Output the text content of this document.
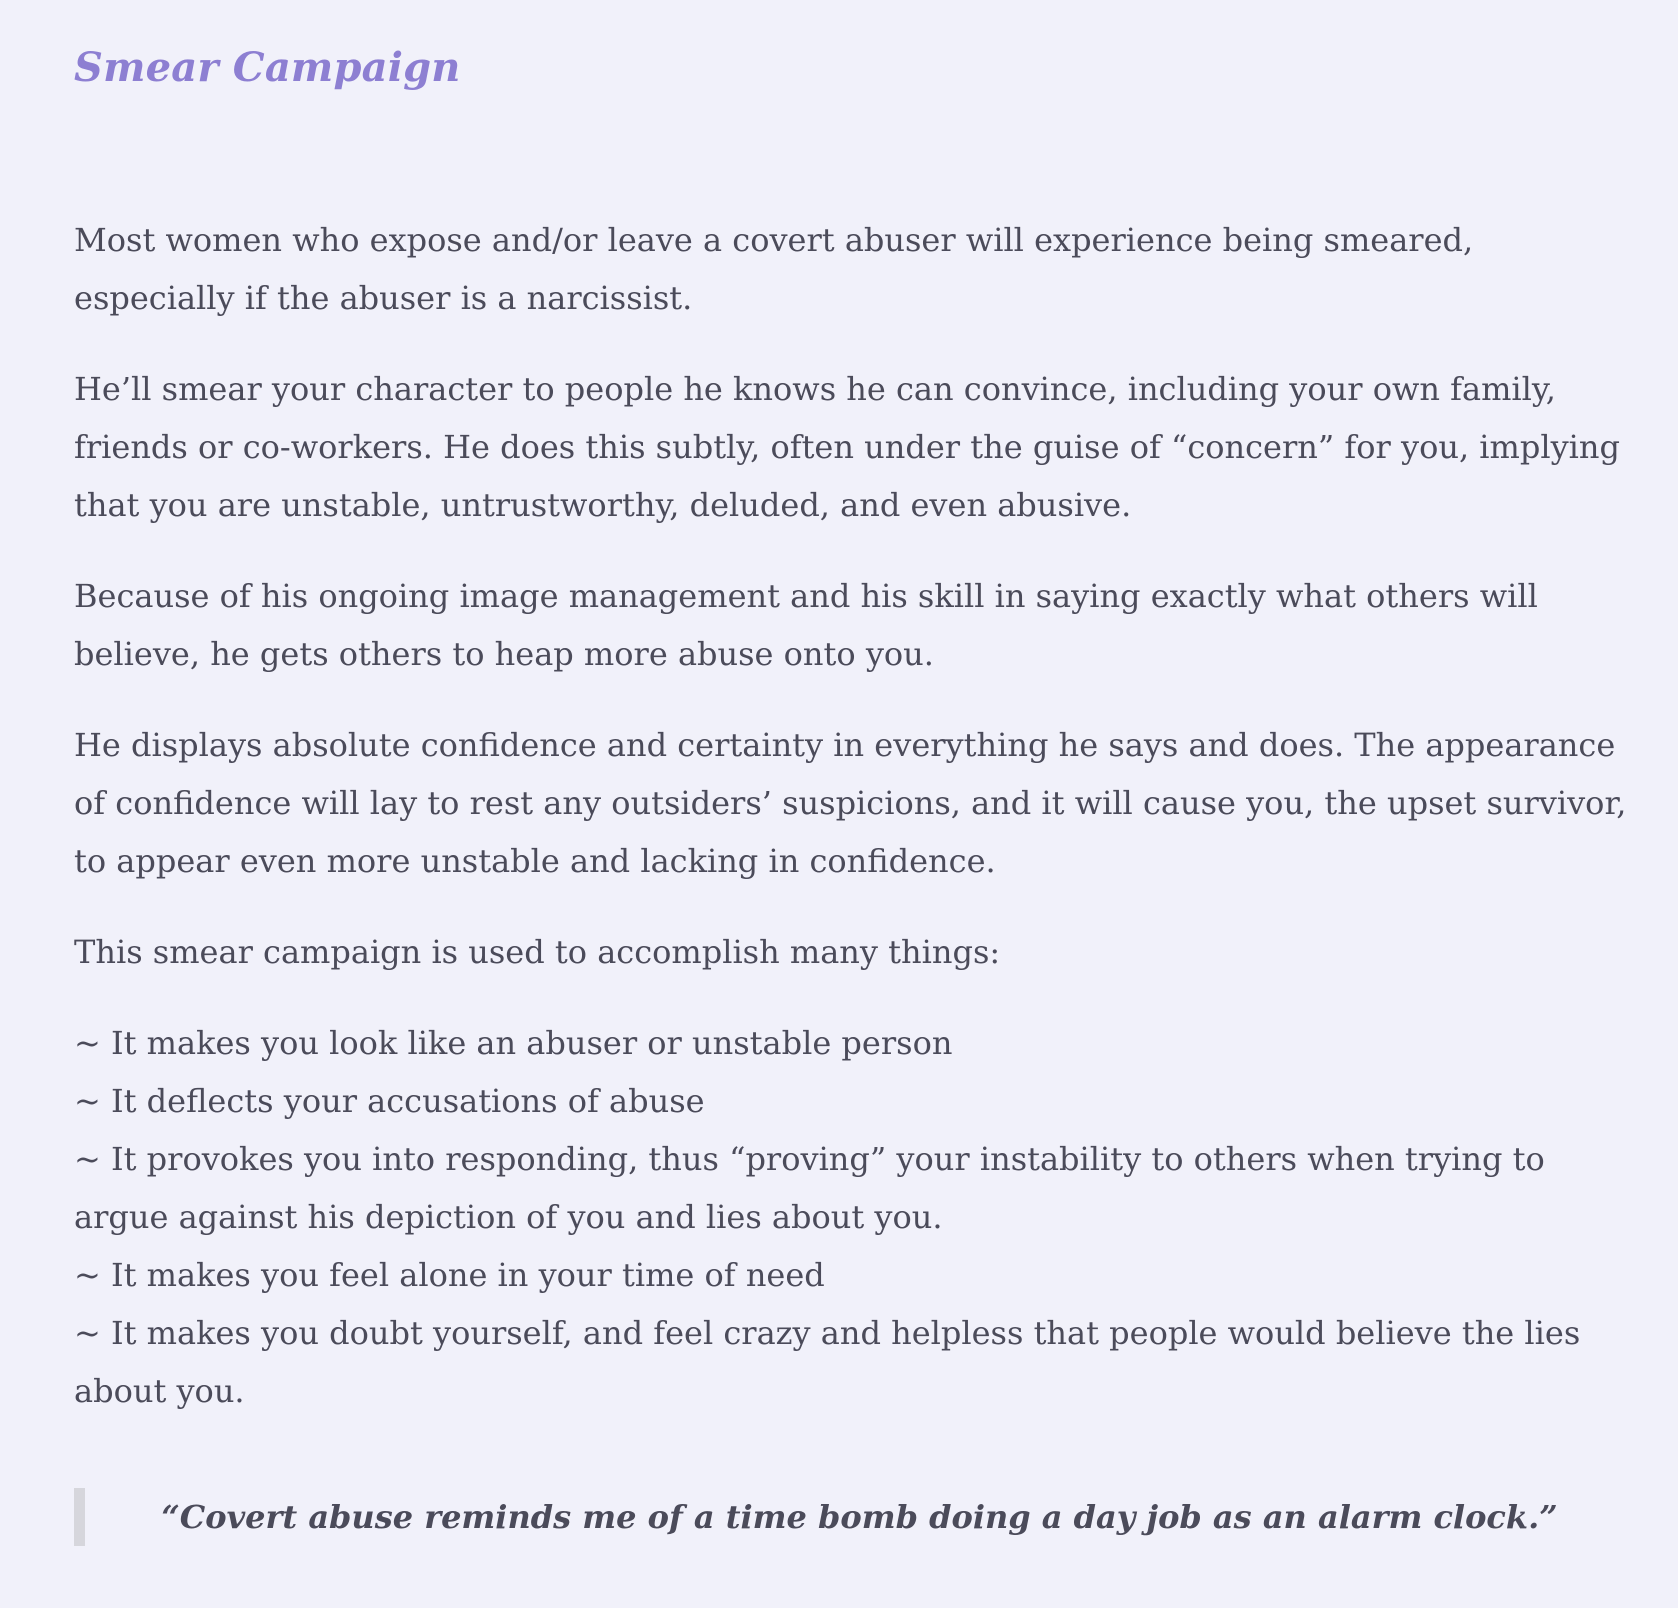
Smear Campaign

Most women who expose and/or leave a covert abuser will experience being smeared, especially if the abuser is a narcissist.

He’ll smear your character to people he knows he can convince, including your own family, friends or co-workers. He does this subtly, often under the guise of “concern” for you, implying that you are unstable, untrustworthy, deluded, and even abusive.

Because of his ongoing image management and his skill in saying exactly what others will believe, he gets others to heap more abuse onto you.

He displays absolute confidence and certainty in everything he says and does. The appearance of confidence will lay to rest any outsiders’ suspicions, and it will cause you, the upset survivor, to appear even more unstable and lacking in confidence.

This smear campaign is used to accomplish many things:

~ It makes you look like an abuser or unstable person
~ It deflects your accusations of abuse
~ It provokes you into responding, thus “proving” your instability to others when trying to argue against his depiction of you and lies about you.
~ It makes you feel alone in your time of need
~ It makes you doubt yourself, and feel crazy and helpless that people would believe the lies about you.
“Covert abuse reminds me of a time bomb doing a day job as an alarm clock.”
